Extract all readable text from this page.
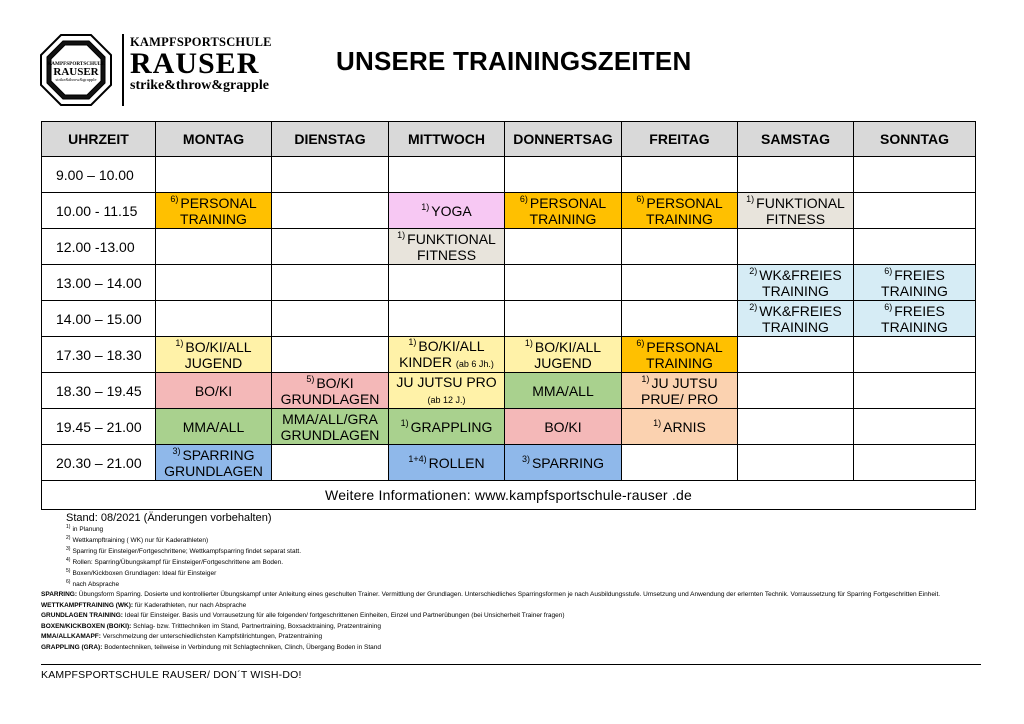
KAMPFSPORTSCHULE
RAUSER
strike&throw&grapple
KAMPFSPORTSCHULE
RAUSER
strike&throw&grapple
UNSERE TRAININGSZEITEN
UHRZEIT	MONTAG	DIENSTAG	MITTWOCH	DONNERTSAG	FREITAG	SAMSTAG	SONNTAG
9.00 – 10.00							
10.00 - 11.15	$^{6)}$ PERSONAL TRAINING		$^{1)}$ YOGA	$^{6)}$ PERSONAL TRAINING	$^{6)}$ PERSONAL TRAINING	$^{1)}$ FUNKTIONAL FITNESS	
12.00 -13.00			$^{1)}$ FUNKTIONAL FITNESS				
13.00 – 14.00						$^{2)}$ WK&FREIES TRAINING	$^{6)}$ FREIES TRAINING
14.00 – 15.00						$^{2)}$ WK&FREIES TRAINING	$^{6)}$ FREIES TRAINING
17.30 – 18.30	$^{1)}$ BO/KI/ALL JUGEND		$^{1)}$ BO/KI/ALL KINDER (ab 6 Jh.)	$^{1)}$ BO/KI/ALL JUGEND	$^{6)}$ PERSONAL TRAINING		
18.30 – 19.45	BO/KI	$^{5)}$ BO/KI GRUNDLAGEN	JU JUTSU PRO (ab 12 J.)	MMA/ALL	$^{1)}$ JU JUTSU PRUE/ PRO		
19.45 – 21.00	MMA/ALL	MMA/ALL/GRA GRUNDLAGEN	$^{1)}$ GRAPPLING	BO/KI	$^{1)}$ ARNIS		
20.30 – 21.00	$^{3)}$ SPARRING GRUNDLAGEN		$^{1+4)}$ ROLLEN	$^{3)}$ SPARRING			
Weitere Informationen: www.kampfsportschule-rauser .de							
Stand: 08/2021 (Änderungen vorbehalten)
$^{1)}$ in Planung
$^{2)}$ Wettkampftraining ( WK) nur für Kaderathleten)
$^{3)}$ Sparring für Einsteiger/Fortgeschrittene; Wettkampfsparring findet separat statt.
$^{4)}$ Rollen: Sparring/Übungskampf für Einsteiger/Fortgeschrittene am Boden.
$^{5)}$ Boxen/Kickboxen Grundlagen: Ideal für Einsteiger
$^{6)}$ nach Absprache
SPARRING: Übungsform Sparring. Dosierte und kontrollierter Übungskampf unter Anleitung eines geschulten Trainer. Vermittlung der Grundlagen. Unterschiedliches Sparringsformen je nach Ausbildungsstufe. Umsetzung und Anwendung der erlernten Technik. Vorraussetzung für Sparring Fortgeschritten Einheit.
WETTKAMPFTRAINING (WK): für Kaderathleten, nur nach Absprache
GRUNDLAGEN TRAINING: Ideal für Einsteiger. Basis und Vorrausetzung für alle folgenden/ fortgeschrittenen Einheiten, Einzel und Partnerübungen (bei Unsicherheit Trainer fragen)
BOXEN/KICKBOXEN (BO/KI): Schlag- bzw. Tritttechniken im Stand, Partnertraining, Boxsacktraining, Pratzentraining
MMA/ALLKAMAPF: Verschmelzung der unterschiedlichsten Kampfstilrichtungen, Pratzentraining
GRAPPLING (GRA): Bodentechniken, teilweise in Verbindung mit Schlagtechniken, Clinch, Übergang Boden in Stand
KAMPFSPORTSCHULE RAUSER/ DON´T WISH-DO!
